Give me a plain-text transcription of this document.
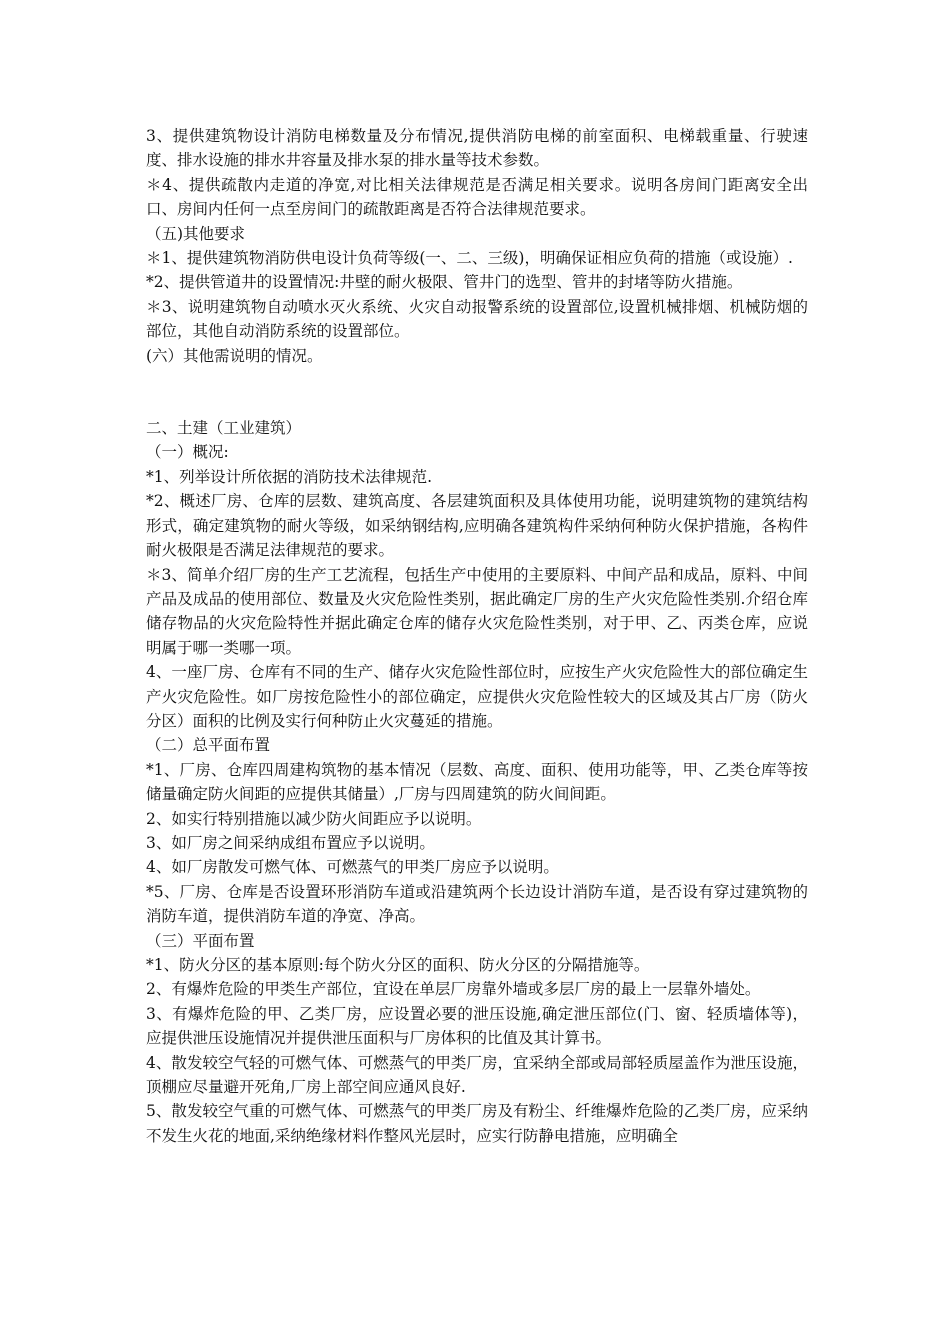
3、提供建筑物设计消防电梯数量及分布情况,提供消防电梯的前室面积、电梯载重量、行驶速度、排水设施的排水井容量及排水泵的排水量等技术参数。

＊4、提供疏散内走道的净宽,对比相关法律规范是否满足相关要求。说明各房间门距离安全出口、房间内任何一点至房间门的疏散距离是否符合法律规范要求。

（五)其他要求

＊1、提供建筑物消防供电设计负荷等级(一、二、三级)，明确保证相应负荷的措施（或设施）.

*2、提供管道井的设置情况:井壁的耐火极限、管井门的选型、管井的封堵等防火措施。

＊3、说明建筑物自动喷水灭火系统、火灾自动报警系统的设置部位,设置机械排烟、机械防烟的部位，其他自动消防系统的设置部位。

(六）其他需说明的情况。

二、土建（工业建筑）

（一）概况:

*1、列举设计所依据的消防技术法律规范.

*2、概述厂房、仓库的层数、建筑高度、各层建筑面积及具体使用功能，说明建筑物的建筑结构形式，确定建筑物的耐火等级，如采纳钢结构,应明确各建筑构件采纳何种防火保护措施，各构件耐火极限是否满足法律规范的要求。

＊3、简单介绍厂房的生产工艺流程，包括生产中使用的主要原料、中间产品和成品，原料、中间产品及成品的使用部位、数量及火灾危险性类别，据此确定厂房的生产火灾危险性类别.介绍仓库储存物品的火灾危险特性并据此确定仓库的储存火灾危险性类别，对于甲、乙、丙类仓库，应说明属于哪一类哪一项。

4、一座厂房、仓库有不同的生产、储存火灾危险性部位时，应按生产火灾危险性大的部位确定生产火灾危险性。如厂房按危险性小的部位确定，应提供火灾危险性较大的区域及其占厂房（防火分区）面积的比例及实行何种防止火灾蔓延的措施。

（二）总平面布置

*1、厂房、仓库四周建构筑物的基本情况（层数、高度、面积、使用功能等，甲、乙类仓库等按储量确定防火间距的应提供其储量）,厂房与四周建筑的防火间间距。

2、如实行特别措施以减少防火间距应予以说明。

3、如厂房之间采纳成组布置应予以说明。

4、如厂房散发可燃气体、可燃蒸气的甲类厂房应予以说明。

*5、厂房、仓库是否设置环形消防车道或沿建筑两个长边设计消防车道，是否设有穿过建筑物的消防车道，提供消防车道的净宽、净高。

（三）平面布置

*1、防火分区的基本原则:每个防火分区的面积、防火分区的分隔措施等。

2、有爆炸危险的甲类生产部位，宜设在单层厂房靠外墙或多层厂房的最上一层靠外墙处。

3、有爆炸危险的甲、乙类厂房，应设置必要的泄压设施,确定泄压部位(门、窗、轻质墙体等)，应提供泄压设施情况并提供泄压面积与厂房体积的比值及其计算书。

4、散发较空气轻的可燃气体、可燃蒸气的甲类厂房，宜采纳全部或局部轻质屋盖作为泄压设施，顶棚应尽量避开死角,厂房上部空间应通风良好.

5、散发较空气重的可燃气体、可燃蒸气的甲类厂房及有粉尘、纤维爆炸危险的乙类厂房，应采纳不发生火花的地面,采纳绝缘材料作整风光层时，应实行防静电措施，应明确全
